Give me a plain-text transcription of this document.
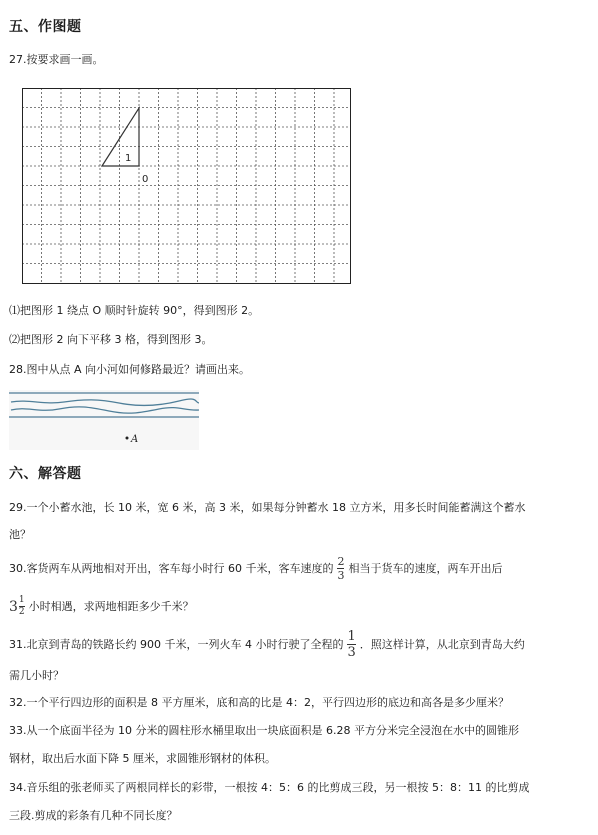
五、作图题
27.按要求画一画。
1
0
⑴把图形 1 绕点 O 顺时针旋转 90°，得到图形 2。
⑵把图形 2 向下平移 3 格，得到图形 3。
28.图中从点 A 向小河如何修路最近？请画出来。
A
六、解答题
29.一个小蓄水池，长 10 米，宽 6 米，高 3 米，如果每分钟蓄水 18 立方米，用多长时间能蓄满这个蓄水
池？
30.客货两车从两地相对开出，客车每小时行 60 千米，客车速度的 $\frac{2}{3}$ 相当于货车的速度，两车开出后
$3 \frac{1}{2}$ 小时相遇，求两地相距多少千米？
31.北京到青岛的铁路长约 900 千米，一列火车 4 小时行驶了全程的 $\frac{1}{3}$ ．照这样计算，从北京到青岛大约
需几小时？
32.一个平行四边形的面积是 8 平方厘米，底和高的比是 4：2，平行四边形的底边和高各是多少厘米？
33.从一个底面半径为 10 分米的圆柱形水桶里取出一块底面积是 6.28 平方分米完全浸泡在水中的圆锥形
钢材，取出后水面下降 5 厘米，求圆锥形钢材的体积。
34.音乐组的张老师买了两根同样长的彩带，一根按 4：5：6 的比剪成三段，另一根按 5：8：11 的比剪成
三段.剪成的彩条有几种不同长度？
